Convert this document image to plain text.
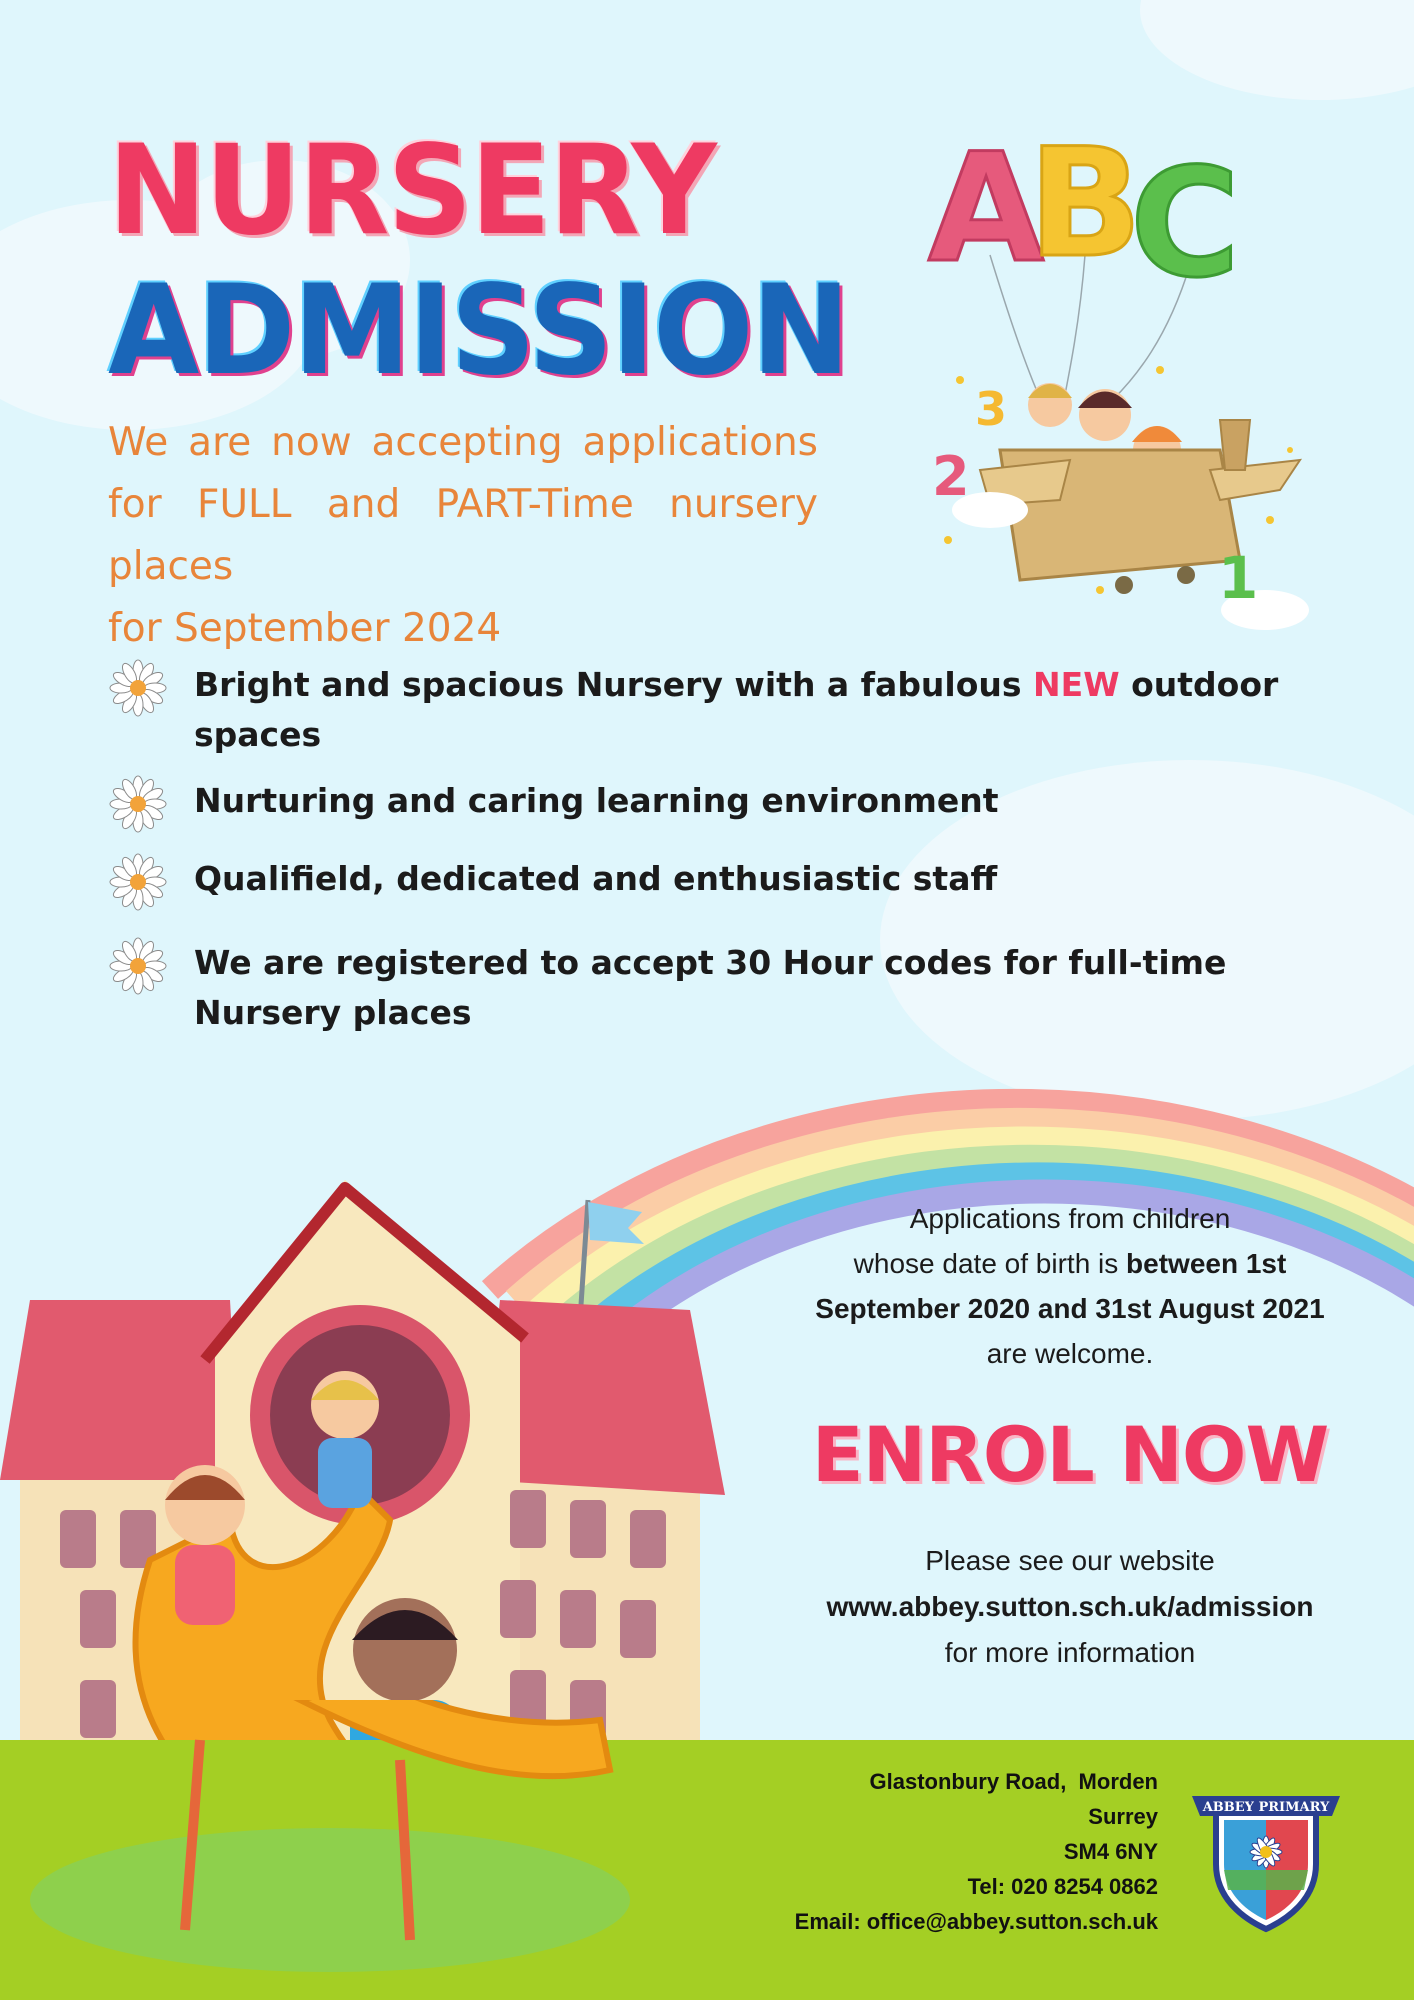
A
B
C
3
2
1
NURSERY
ADMISSION
We are now accepting applications
for FULL and PART-Time nursery places
for September 2024
Bright and spacious Nursery with a fabulous NEW outdoor spaces
Nurturing and caring learning environment
Qualifield, dedicated and enthusiastic staff
We are registered to accept 30 Hour codes for full-time Nursery places
Applications from children
whose date of birth is between 1st
September 2020 and 31st August 2021
are welcome.
ENROL NOW
Please see our website
www.abbey.sutton.sch.uk/admission
for more information
Glastonbury Road,  Morden
Surrey
SM4 6NY
Tel: 020 8254 0862
Email: office@abbey.sutton.sch.uk
ABBEY PRIMARY
